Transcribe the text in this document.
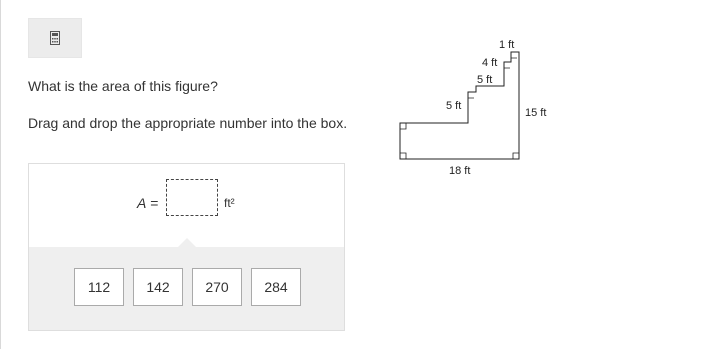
What is the area of this figure?
Drag and drop the appropriate number into the box.
A =	ft²
112	142	270	284
1 ft
4 ft
5 ft
5 ft
15 ft
18 ft
